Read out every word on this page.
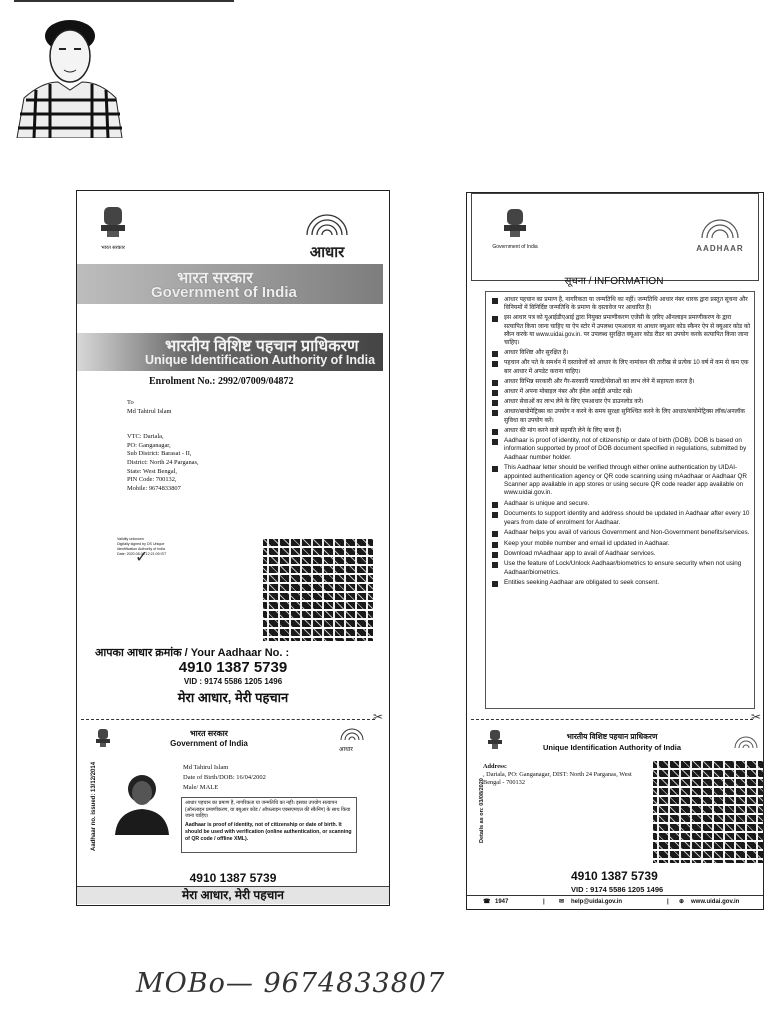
भारत सरकार	आधार
भारत सरकार
Government of India
भारतीय विशिष्ट पहचान प्राधिकरण
Unique Identification Authority of India
Enrolment No.: 2992/07009/04872
To
Md Tahirul Islam
VTC: Dariala,
PO: Ganganagar,
Sub District: Barasat - II,
District: North 24 Parganas,
State: West Bengal,
PIN Code: 700132,
Mobile: 9674833807
Validity unknown
Digitally signed by DS Unique Identification Authority of India
Date: 2020.08.08 12:21:09 IST
✓
आपका आधार क्रमांक / Your Aadhaar No. :
4910 1387 5739
VID : 9174 5586 1205 1496
मेरा आधार, मेरी पहचान
✂
भारत सरकार
Government of India
आधार
Aadhaar no. issued: 13/12/2014	Md Tahirul Islam
Date of Birth/DOB: 16/04/2002
Male/ MALE
आधार पहचान का प्रमाण है, नागरिकता या जन्मतिथि का नहीं। इसका उपयोग सत्यापन (ऑनलाइन प्रमाणीकरण, या क्यूआर कोड / ऑफलाइन एक्सएमएल की स्कैनिंग) के साथ किया जाना चाहिए।
Aadhaar is proof of identity, not of citizenship or date of birth. It should be used with verification (online authentication, or scanning of QR code / offline XML).
4910 1387 5739
मेरा आधार, मेरी पहचान
Government of India	AADHAAR
सूचना / INFORMATION
आधार पहचान का प्रमाण है, नागरिकता या जन्मतिथि का नहीं। जन्मतिथि आधार नंबर धारक द्वारा प्रस्तुत सूचना और विनियमों में विनिर्दिष्ट जन्मतिथि के प्रमाण के दस्तावेज पर आधारित है।
इस आधार पत्र को यूआईडीएआई द्वारा नियुक्त प्रमाणीकरण एजेंसी के ज़रिए ऑनलाइन प्रमाणीकरण के द्वारा सत्यापित किया जाना चाहिए या ऐप स्टोर में उपलब्ध एमआधार या आधार क्यूआर कोड स्कैनर ऐप से क्यूआर कोड को स्कैन करके या www.uidai.gov.in. पर उपलब्ध सुरक्षित क्यूआर कोड रीडर का उपयोग करके सत्यापित किया जाना चाहिए।
आधार विशिष्ट और सुरक्षित है।
पहचान और पते के समर्थन में दस्तावेजों को आधार के लिए नामांकन की तारीख से प्रत्येक 10 वर्ष में कम से कम एक बार आधार में अपडेट कराना चाहिए।
आधार विभिन्न सरकारी और गैर-सरकारी फायदों/सेवाओं का लाभ लेने में सहायता करता है।
आधार में अपना मोबाइल नंबर और ईमेल आईडी अपडेट रखें।
आधार सेवाओं का लाभ लेने के लिए एमआधार ऐप डाउनलोड करें।
आधार/बायोमेट्रिक्स का उपयोग न करने के समय सुरक्षा सुनिश्चित करने के लिए आधार/बायोमेट्रिक्स लॉक/अनलॉक सुविधा का उपयोग करें।
आधार की मांग करने वाले सहमति लेने के लिए बाध्य हैं।
Aadhaar is proof of identity, not of citizenship or date of birth (DOB). DOB is based on information supported by proof of DOB document specified in regulations, submitted by Aadhaar number holder.
This Aadhaar letter should be verified through either online authentication by UIDAI-appointed authentication agency or QR code scanning using mAadhaar or Aadhaar QR Scanner app available in app stores or using secure QR code reader app available on www.uidai.gov.in.
Aadhaar is unique and secure.
Documents to support identity and address should be updated in Aadhaar after every 10 years from date of enrolment for Aadhaar.
Aadhaar helps you avail of various Government and Non-Government benefits/services.
Keep your mobile number and email id updated in Aadhaar.
Download mAadhaar app to avail of Aadhaar services.
Use the feature of Lock/Unlock Aadhaar/biometrics to ensure security when not using Aadhaar/biometrics.
Entities seeking Aadhaar are obligated to seek consent.
✂
भारतीय विशिष्ट पहचान प्राधिकरण
Unique Identification Authority of India
Details as on: 03/08/2020
Address:
, Dariala, PO: Ganganagar, DIST: North 24 Parganas, West Bengal - 700132
4910 1387 5739
VID : 9174 5586 1205 1496
☎ 1947	| ✉ help@uidai.gov.in	| ⊕ www.uidai.gov.in
MOBo— 9674833807
